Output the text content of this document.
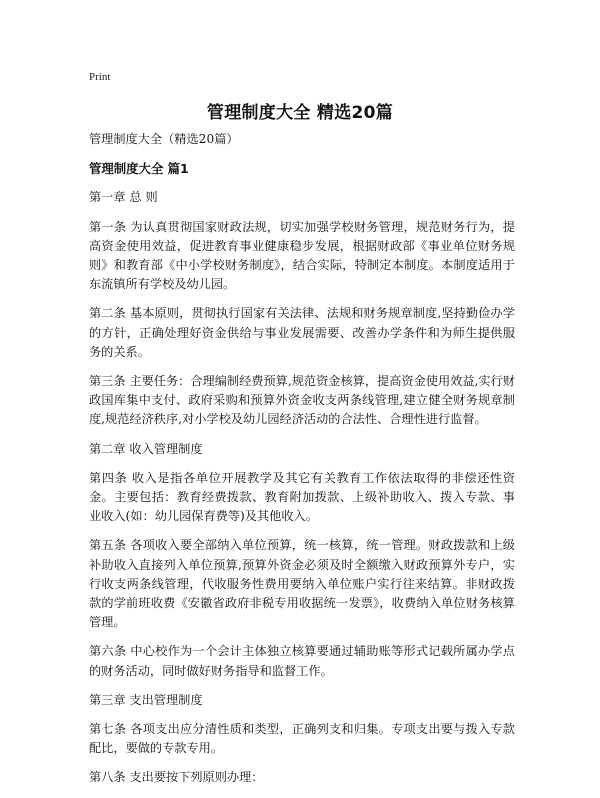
Print
管理制度大全 精选20篇

管理制度大全（精选20篇）

管理制度大全 篇1

第一章 总 则

第一条 为认真贯彻国家财政法规，切实加强学校财务管理，规范财务行为，提高资金使用效益，促进教育事业健康稳步发展，根据财政部《事业单位财务规则》和教育部《中小学校财务制度》，结合实际，特制定本制度。本制度适用于东流镇所有学校及幼儿园。

第二条 基本原则，贯彻执行国家有关法律、法规和财务规章制度,坚持勤俭办学的方针，正确处理好资金供给与事业发展需要、改善办学条件和为师生提供服务的关系。

第三条 主要任务：合理编制经费预算,规范资金核算，提高资金使用效益,实行财政国库集中支付、政府采购和预算外资金收支两条线管理,建立健全财务规章制度,规范经济秩序,对小学校及幼儿园经济活动的合法性、合理性进行监督。

第二章 收入管理制度

第四条 收入是指各单位开展教学及其它有关教育工作依法取得的非偿还性资金。主要包括：教育经费拨款、教育附加拨款、上级补助收入、拨入专款、事业收入(如：幼儿园保育费等)及其他收入。

第五条 各项收入要全部纳入单位预算，统一核算，统一管理。财政拨款和上级补助收入直接列入单位预算,预算外资金必须及时全额缴入财政预算外专户，实行收支两条线管理，代收服务性费用要纳入单位账户实行往来结算。非财政拨款的学前班收费《安徽省政府非税专用收据统一发票》，收费纳入单位财务核算管理。

第六条 中心校作为一个会计主体独立核算要通过辅助账等形式记载所属办学点的财务活动，同时做好财务指导和监督工作。

第三章 支出管理制度

第七条 各项支出应分清性质和类型，正确列支和归集。专项支出要与拨入专款配比，要做的专款专用。

第八条 支出要按下列原则办理：
